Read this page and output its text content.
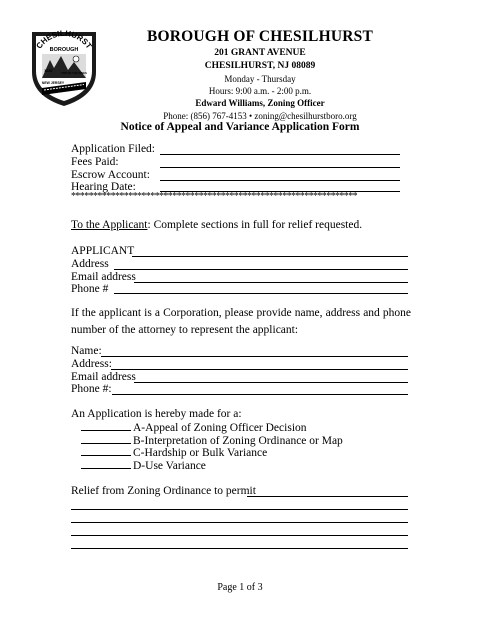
CHESILHURST
BOROUGH
1887	TOP OF THE PINES
NEW JERSEY
BOROUGH OF CHESILHURST
201 GRANT AVENUE
CHESILHURST, NJ 08089
Monday - Thursday
Hours: 9:00 a.m. - 2:00 p.m.
Edward Williams, Zoning Officer
Phone: (856) 767-4153 • zoning@chesilhurstboro.org
Notice of Appeal and Variance Application Form
Application Filed:
Fees Paid:
Escrow Account:
Hearing Date:
*****************************************************************
To the Applicant: Complete sections in full for relief requested.
APPLICANT
Address
Email address
Phone #
If the applicant is a Corporation, please provide name, address and phone number of the attorney to represent the applicant:
Name:
Address:
Email address
Phone #:
An Application is hereby made for a:
A-Appeal of Zoning Officer Decision
B-Interpretation of Zoning Ordinance or Map
C-Hardship or Bulk Variance
D-Use Variance
Relief from Zoning Ordinance to permit
Page 1 of 3
